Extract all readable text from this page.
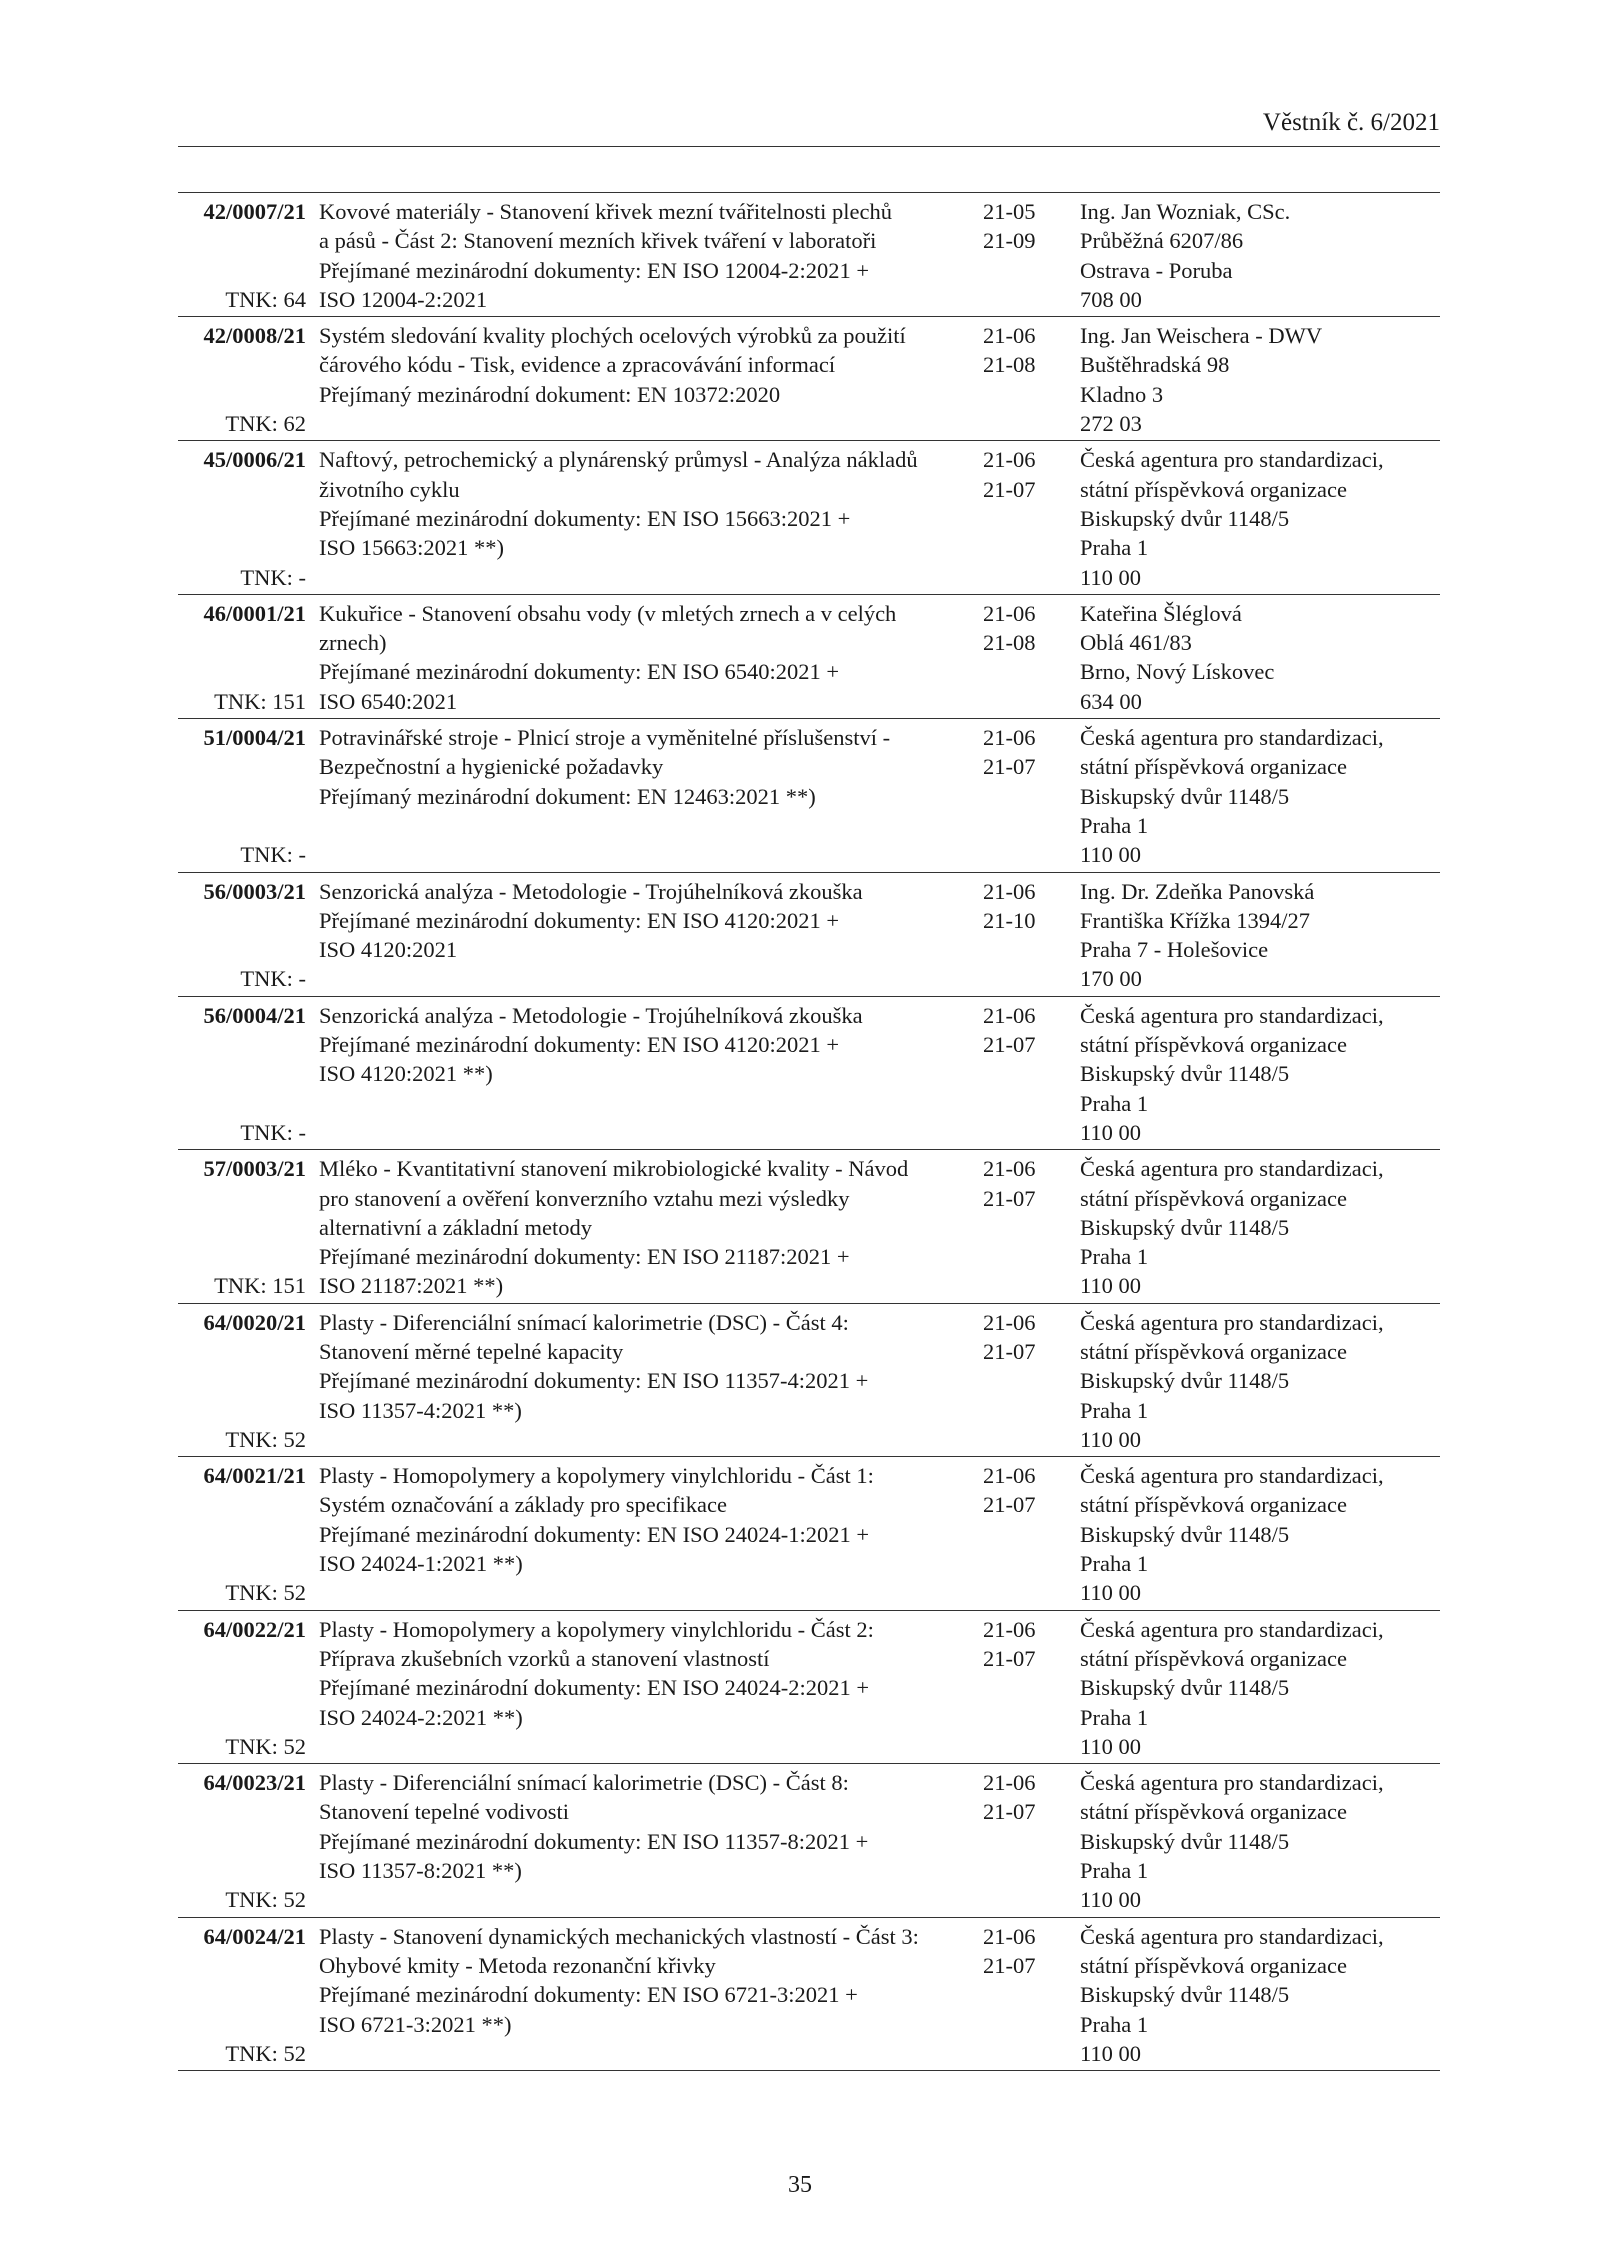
Věstník č. 6/2021
42/0007/21
TNK: 64
Kovové materiály - Stanovení křivek mezní tvářitelnosti plechů
a pásů - Část 2: Stanovení mezních křivek tváření v laboratoři
Přejímané mezinárodní dokumenty: EN ISO 12004-2:2021 +
ISO 12004-2:2021
21-05
21-09
Ing. Jan Wozniak, CSc.
Průběžná 6207/86
Ostrava - Poruba
708 00
42/0008/21
TNK: 62
Systém sledování kvality plochých ocelových výrobků za použití
čárového kódu - Tisk, evidence a zpracovávání informací
Přejímaný mezinárodní dokument: EN 10372:2020
21-06
21-08
Ing. Jan Weischera - DWV
Buštěhradská 98
Kladno 3
272 03
45/0006/21
TNK: -
Naftový, petrochemický a plynárenský průmysl - Analýza nákladů
životního cyklu
Přejímané mezinárodní dokumenty: EN ISO 15663:2021 +
ISO 15663:2021 **)
21-06
21-07
Česká agentura pro standardizaci,
státní příspěvková organizace
Biskupský dvůr 1148/5
Praha 1
110 00
46/0001/21
TNK: 151
Kukuřice - Stanovení obsahu vody (v mletých zrnech a v celých
zrnech)
Přejímané mezinárodní dokumenty: EN ISO 6540:2021 +
ISO 6540:2021
21-06
21-08
Kateřina Šléglová
Oblá 461/83
Brno, Nový Lískovec
634 00
51/0004/21
TNK: -
Potravinářské stroje - Plnicí stroje a vyměnitelné příslušenství -
Bezpečnostní a hygienické požadavky
Přejímaný mezinárodní dokument: EN 12463:2021 **)
21-06
21-07
Česká agentura pro standardizaci,
státní příspěvková organizace
Biskupský dvůr 1148/5
Praha 1
110 00
56/0003/21
TNK: -
Senzorická analýza - Metodologie - Trojúhelníková zkouška
Přejímané mezinárodní dokumenty: EN ISO 4120:2021 +
ISO 4120:2021
21-06
21-10
Ing. Dr. Zdeňka Panovská
Františka Křížka 1394/27
Praha 7 - Holešovice
170 00
56/0004/21
TNK: -
Senzorická analýza - Metodologie - Trojúhelníková zkouška
Přejímané mezinárodní dokumenty: EN ISO 4120:2021 +
ISO 4120:2021 **)
21-06
21-07
Česká agentura pro standardizaci,
státní příspěvková organizace
Biskupský dvůr 1148/5
Praha 1
110 00
57/0003/21
TNK: 151
Mléko - Kvantitativní stanovení mikrobiologické kvality - Návod
pro stanovení a ověření konverzního vztahu mezi výsledky
alternativní a základní metody
Přejímané mezinárodní dokumenty: EN ISO 21187:2021 +
ISO 21187:2021 **)
21-06
21-07
Česká agentura pro standardizaci,
státní příspěvková organizace
Biskupský dvůr 1148/5
Praha 1
110 00
64/0020/21
TNK: 52
Plasty - Diferenciální snímací kalorimetrie (DSC) - Část 4:
Stanovení měrné tepelné kapacity
Přejímané mezinárodní dokumenty: EN ISO 11357-4:2021 +
ISO 11357-4:2021 **)
21-06
21-07
Česká agentura pro standardizaci,
státní příspěvková organizace
Biskupský dvůr 1148/5
Praha 1
110 00
64/0021/21
TNK: 52
Plasty - Homopolymery a kopolymery vinylchloridu - Část 1:
Systém označování a základy pro specifikace
Přejímané mezinárodní dokumenty: EN ISO 24024-1:2021 +
ISO 24024-1:2021 **)
21-06
21-07
Česká agentura pro standardizaci,
státní příspěvková organizace
Biskupský dvůr 1148/5
Praha 1
110 00
64/0022/21
TNK: 52
Plasty - Homopolymery a kopolymery vinylchloridu - Část 2:
Příprava zkušebních vzorků a stanovení vlastností
Přejímané mezinárodní dokumenty: EN ISO 24024-2:2021 +
ISO 24024-2:2021 **)
21-06
21-07
Česká agentura pro standardizaci,
státní příspěvková organizace
Biskupský dvůr 1148/5
Praha 1
110 00
64/0023/21
TNK: 52
Plasty - Diferenciální snímací kalorimetrie (DSC) - Část 8:
Stanovení tepelné vodivosti
Přejímané mezinárodní dokumenty: EN ISO 11357-8:2021 +
ISO 11357-8:2021 **)
21-06
21-07
Česká agentura pro standardizaci,
státní příspěvková organizace
Biskupský dvůr 1148/5
Praha 1
110 00
64/0024/21
TNK: 52
Plasty - Stanovení dynamických mechanických vlastností - Část 3:
Ohybové kmity - Metoda rezonanční křivky
Přejímané mezinárodní dokumenty: EN ISO 6721-3:2021 +
ISO 6721-3:2021 **)
21-06
21-07
Česká agentura pro standardizaci,
státní příspěvková organizace
Biskupský dvůr 1148/5
Praha 1
110 00
35
